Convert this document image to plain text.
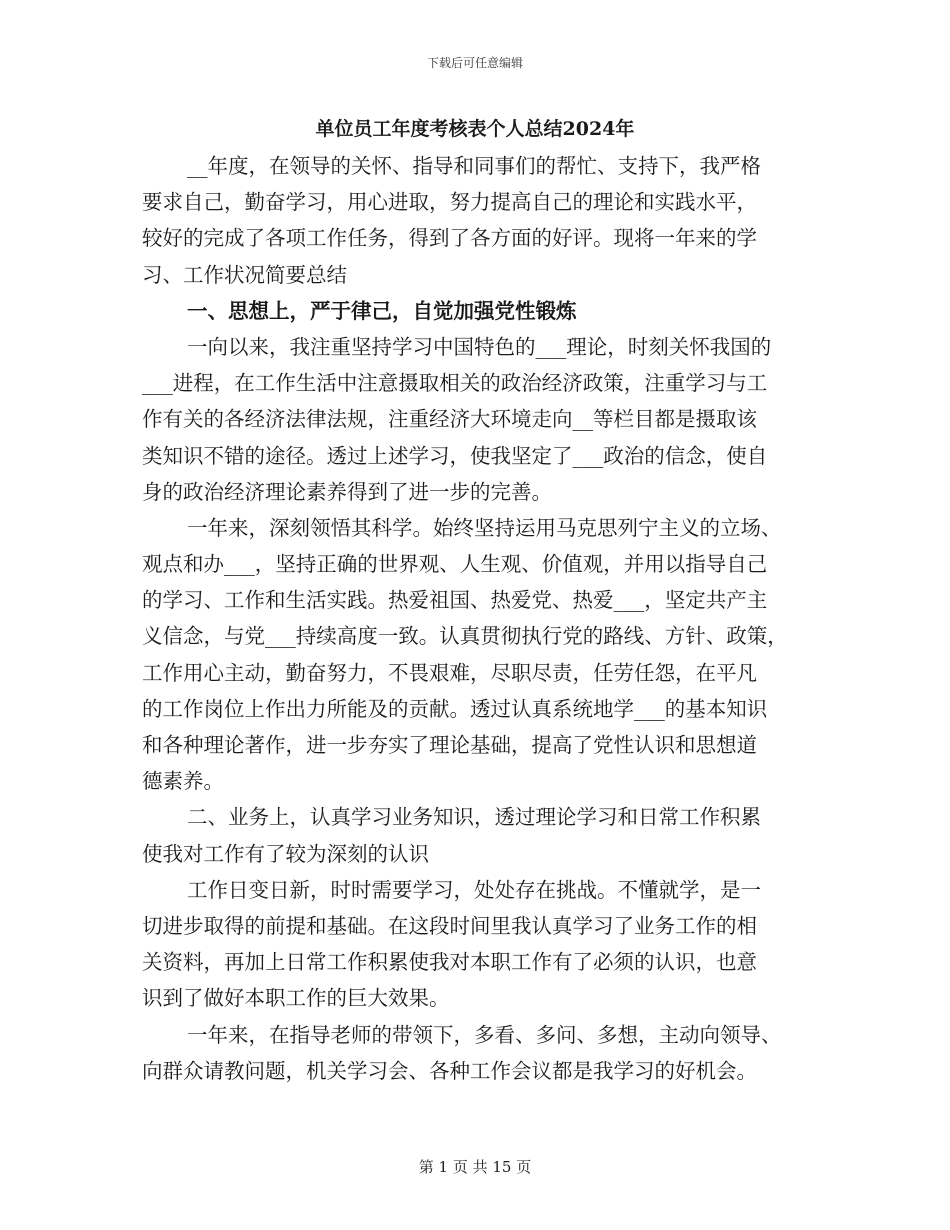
下载后可任意编辑
单位员工年度考核表个人总结2024年
__年度，在领导的关怀、指导和同事们的帮忙、支持下，我严格
要求自己，勤奋学习，用心进取，努力提高自己的理论和实践水平，
较好的完成了各项工作任务，得到了各方面的好评。现将一年来的学
习、工作状况简要总结
一、思想上，严于律己，自觉加强党性锻炼
一向以来，我注重坚持学习中国特色的___理论，时刻关怀我国的
___进程，在工作生活中注意摄取相关的政治经济政策，注重学习与工
作有关的各经济法律法规，注重经济大环境走向__等栏目都是摄取该
类知识不错的途径。透过上述学习，使我坚定了___政治的信念，使自
身的政治经济理论素养得到了进一步的完善。
一年来，深刻领悟其科学。始终坚持运用马克思列宁主义的立场、
观点和办___，坚持正确的世界观、人生观、价值观，并用以指导自己
的学习、工作和生活实践。热爱祖国、热爱党、热爱___，坚定共产主
义信念，与党___持续高度一致。认真贯彻执行党的路线、方针、政策，
工作用心主动，勤奋努力，不畏艰难，尽职尽责，任劳任怨，在平凡
的工作岗位上作出力所能及的贡献。透过认真系统地学___的基本知识
和各种理论著作，进一步夯实了理论基础，提高了党性认识和思想道
德素养。
二、业务上，认真学习业务知识，透过理论学习和日常工作积累
使我对工作有了较为深刻的认识
工作日变日新，时时需要学习，处处存在挑战。不懂就学，是一
切进步取得的前提和基础。在这段时间里我认真学习了业务工作的相
关资料，再加上日常工作积累使我对本职工作有了必须的认识，也意
识到了做好本职工作的巨大效果。
一年来，在指导老师的带领下，多看、多问、多想，主动向领导、
向群众请教问题，机关学习会、各种工作会议都是我学习的好机会。
第 1 页 共 15 页
